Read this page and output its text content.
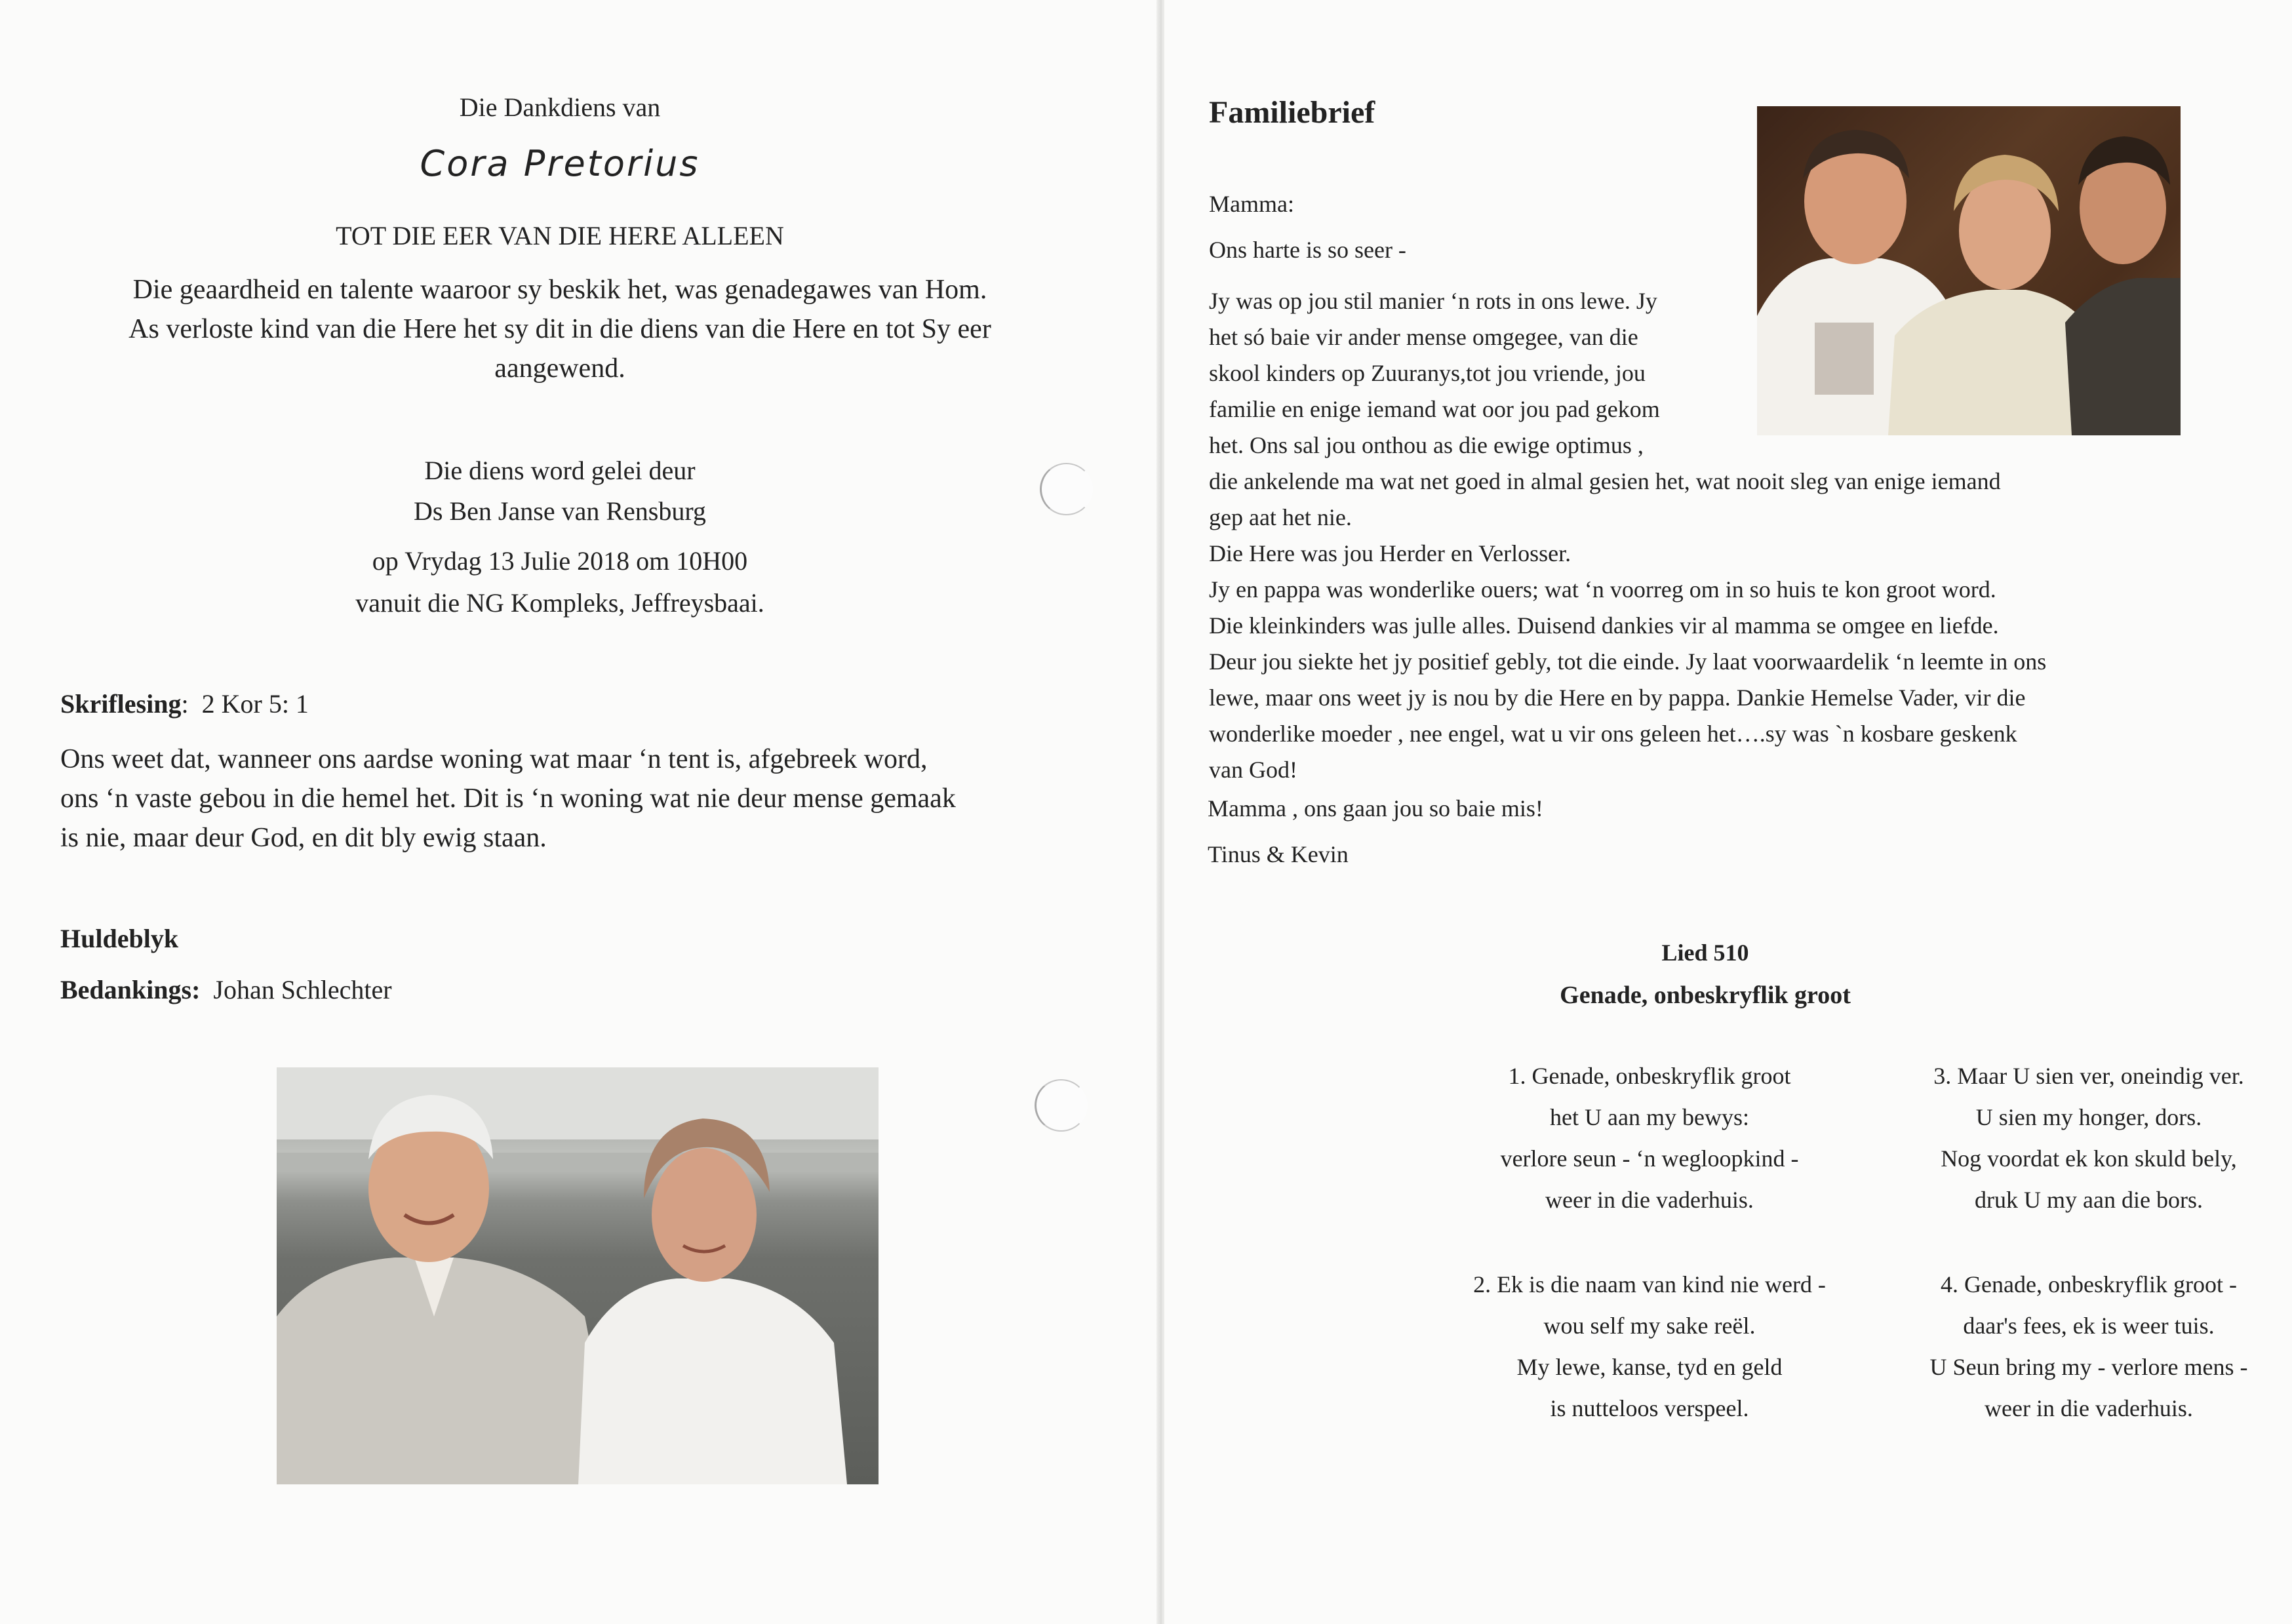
Die Dankdiens van
Cora Pretorius
TOT DIE EER VAN DIE HERE ALLEEN
Die geaardheid en talente waaroor sy beskik het, was genadegawes van Hom.
As verloste kind van die Here het sy dit in die diens van die Here en tot Sy eer
aangewend.
Die diens word gelei deur
Ds Ben Janse van Rensburg
op Vrydag 13 Julie 2018 om 10H00
vanuit die NG Kompleks, Jeffreysbaai.
Skriflesing: 2 Kor 5: 1
Ons weet dat, wanneer ons aardse woning wat maar ‘n tent is, afgebreek word,
ons ‘n vaste gebou in die hemel het. Dit is ‘n woning wat nie deur mense gemaak
is nie, maar deur God, en dit bly ewig staan.
Huldeblyk
Bedankings: Johan Schlechter
Familiebrief
Mamma:
Ons harte is so seer -
Jy was op jou stil manier ‘n rots in ons lewe. Jy
het só baie vir ander mense omgegee, van die
skool kinders op Zuuranys,tot jou vriende, jou
familie en enige iemand wat oor jou pad gekom
het. Ons sal jou onthou as die ewige optimus ,
die ankelende ma wat net goed in almal gesien het, wat nooit sleg van enige iemand
gep aat het nie.
Die Here was jou Herder en Verlosser.
Jy en pappa was wonderlike ouers; wat ‘n voorreg om in so huis te kon groot word.
Die kleinkinders was julle alles. Duisend dankies vir al mamma se omgee en liefde.
Deur jou siekte het jy positief gebly, tot die einde. Jy laat voorwaardelik ‘n leemte in ons
lewe, maar ons weet jy is nou by die Here en by pappa. Dankie Hemelse Vader, vir die
wonderlike moeder , nee engel, wat u vir ons geleen het….sy was `n kosbare geskenk
van God!
Mamma , ons gaan jou so baie mis!
Tinus & Kevin
Lied 510
Genade, onbeskryflik groot
1. Genade, onbeskryflik groot
het U aan my bewys:
verlore seun - ‘n wegloopkind -
weer in die vaderhuis.
2. Ek is die naam van kind nie werd -
wou self my sake reël.
My lewe, kanse, tyd en geld
is nutteloos verspeel.
3. Maar U sien ver, oneindig ver.
U sien my honger, dors.
Nog voordat ek kon skuld bely,
druk U my aan die bors.
4. Genade, onbeskryflik groot -
daar's fees, ek is weer tuis.
U Seun bring my - verlore mens -
weer in die vaderhuis.
